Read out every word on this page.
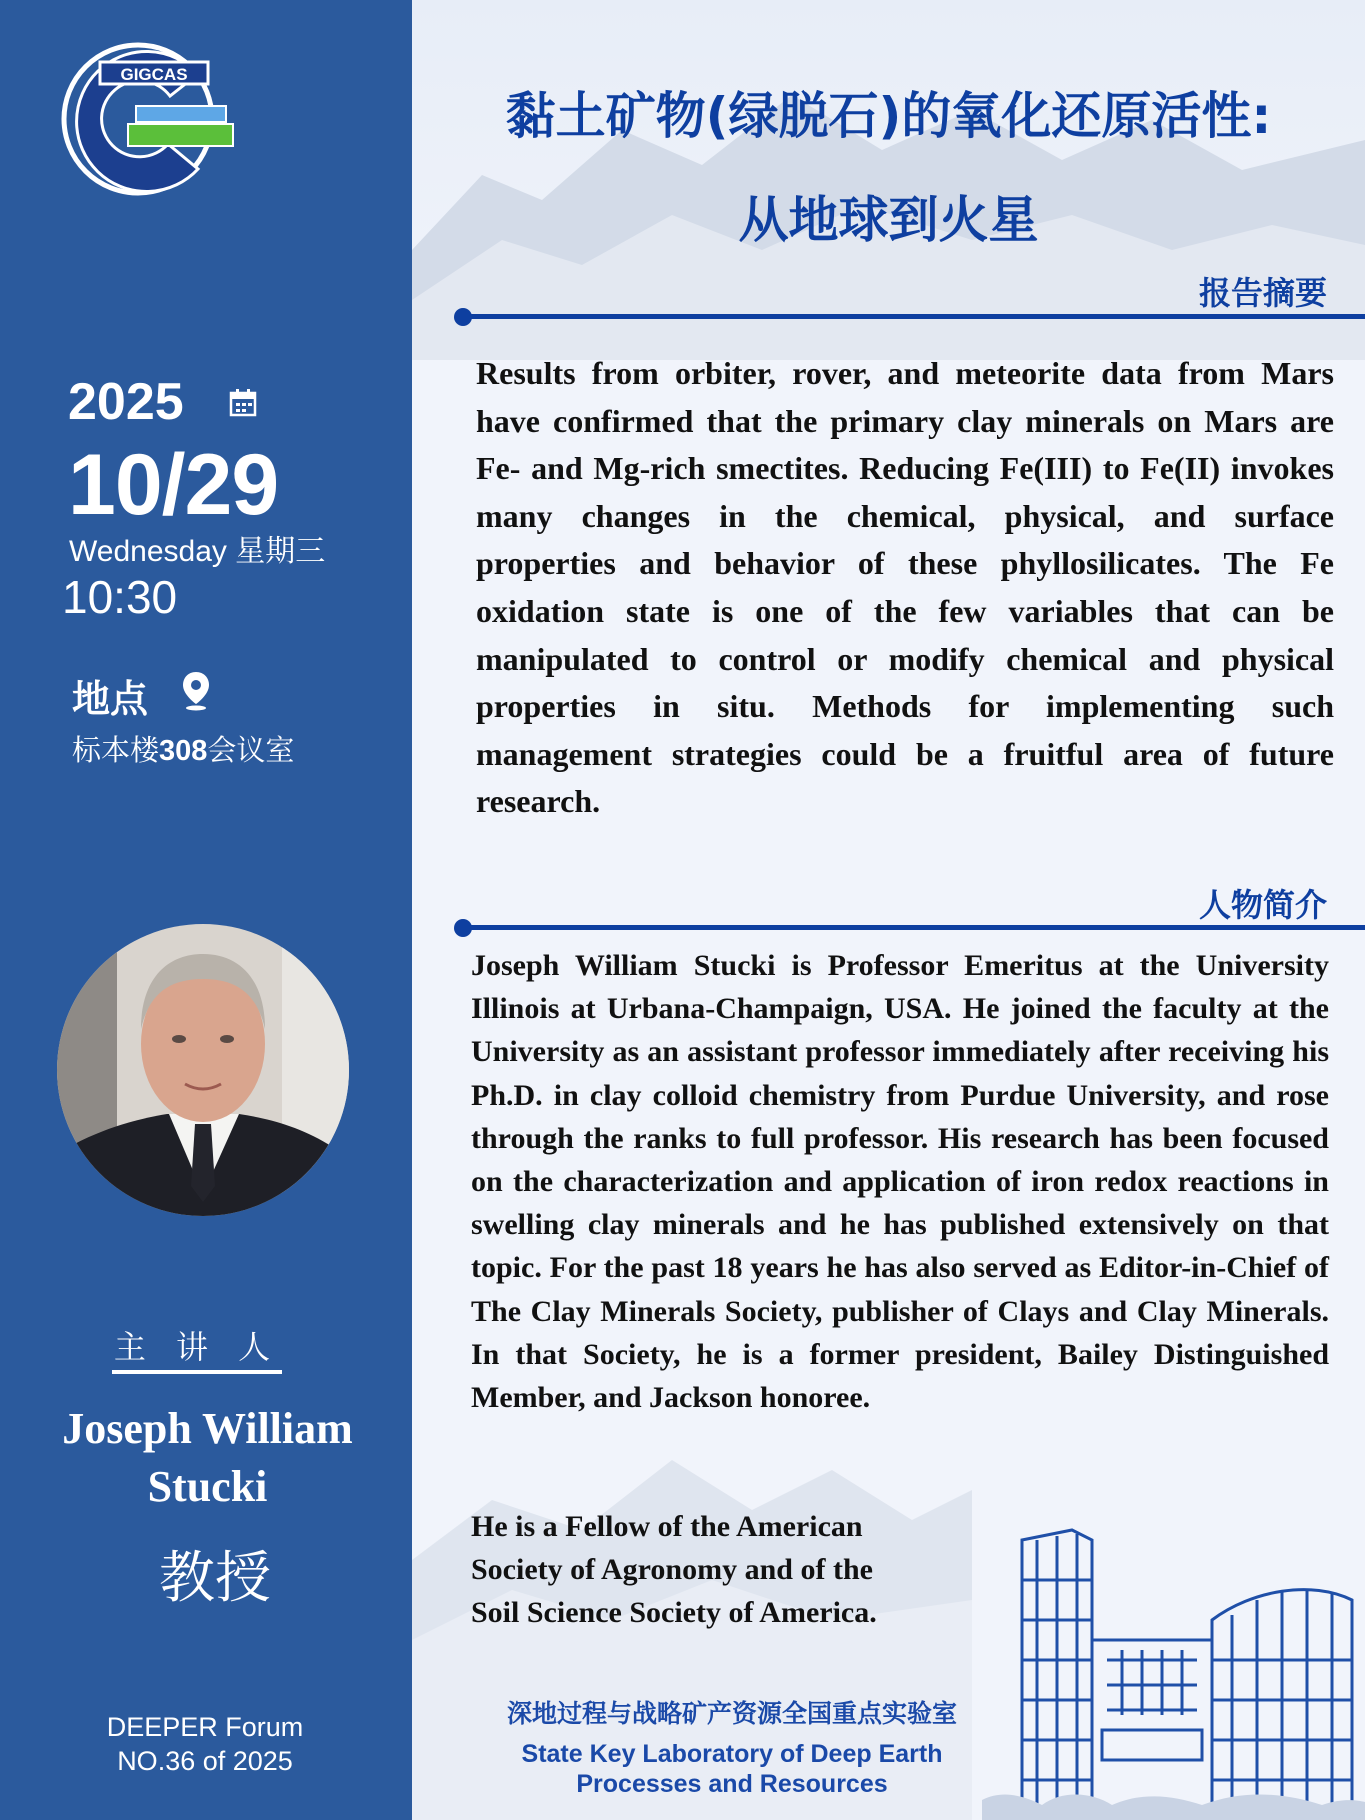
GIGCAS
2025
10/29
Wednesday 星期三
10:30
地点
标本楼308会议室
主 讲 人
Joseph William Stucki
教授
DEEPER Forum
NO.36 of 2025
黏土矿物(绿脱石)的氧化还原活性:
从地球到火星
报告摘要

Results from orbiter, rover, and meteorite data from Mars have confirmed that the primary clay minerals on Mars are Fe- and Mg-rich smectites. Reducing Fe(III) to Fe(II) invokes many changes in the chemical, physical, and surface properties and behavior of these phyllosilicates. The Fe oxidation state is one of the few variables that can be manipulated to control or modify chemical and physical properties in situ. Methods for implementing such management strategies could be a fruitful area of future research.

人物简介

Joseph William Stucki is Professor Emeritus at the University Illinois at Urbana-Champaign, USA. He joined the faculty at the University as an assistant professor immediately after receiving his Ph.D. in clay colloid chemistry from Purdue University, and rose through the ranks to full professor. His research has been focused on the characterization and application of iron redox reactions in swelling clay minerals and he has published extensively on that topic. For the past 18 years he has also served as Editor-in-Chief of The Clay Minerals Society, publisher of Clays and Clay Minerals. In that Society, he is a former president, Bailey Distinguished Member, and Jackson honoree.

He is a Fellow of the American
Society of Agronomy and of the
Soil Science Society of America.
深地过程与战略矿产资源全国重点实验室
State Key Laboratory of Deep Earth
Processes and Resources
